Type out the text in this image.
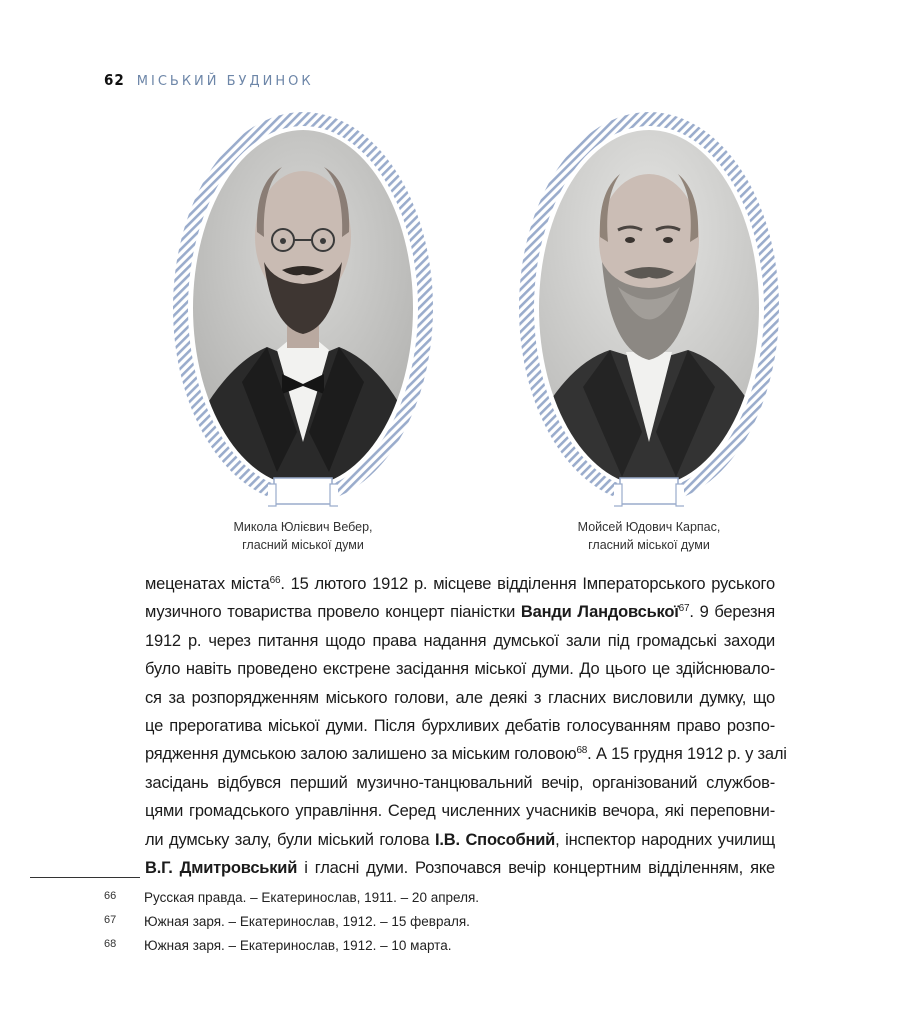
62 МІСЬКИЙ БУДИНОК
Микола Юлієвич Вебер,
гласний міської думи
Мойсей Юдович Карпас,
гласний міської думи
меценатах міста$^{66}$. 15 лютого 1912 р. місцеве відділення Імператорського руського
музичного товариства провело концерт піаністки Ванди Ландовської$^{67}$. 9 березня
1912 р. через питання щодо права надання думської зали під громадські заходи
було навіть проведено екстрене засідання міської думи. До цього це здійснювало-
ся за розпорядженням міського голови, але деякі з гласних висловили думку, що
це прерогатива міської думи. Після бурхливих дебатів голосуванням право розпо-
рядження думською залою залишено за міським головою$^{68}$. А 15 грудня 1912 р. у залі
засідань відбувся перший музично-танцювальний вечір, організований службов-
цями громадського управління. Серед численних учасників вечора, які переповни-
ли думську залу, були міський голова І.В. Способний, інспектор народних училищ
В.Г. Дмитровський і гласні думи. Розпочався вечір концертним відділенням, яке
66	Русская правда. – Екатеринослав, 1911. – 20 апреля.
67	Южная заря. – Екатеринослав, 1912. – 15 февраля.
68	Южная заря. – Екатеринослав, 1912. – 10 марта.
